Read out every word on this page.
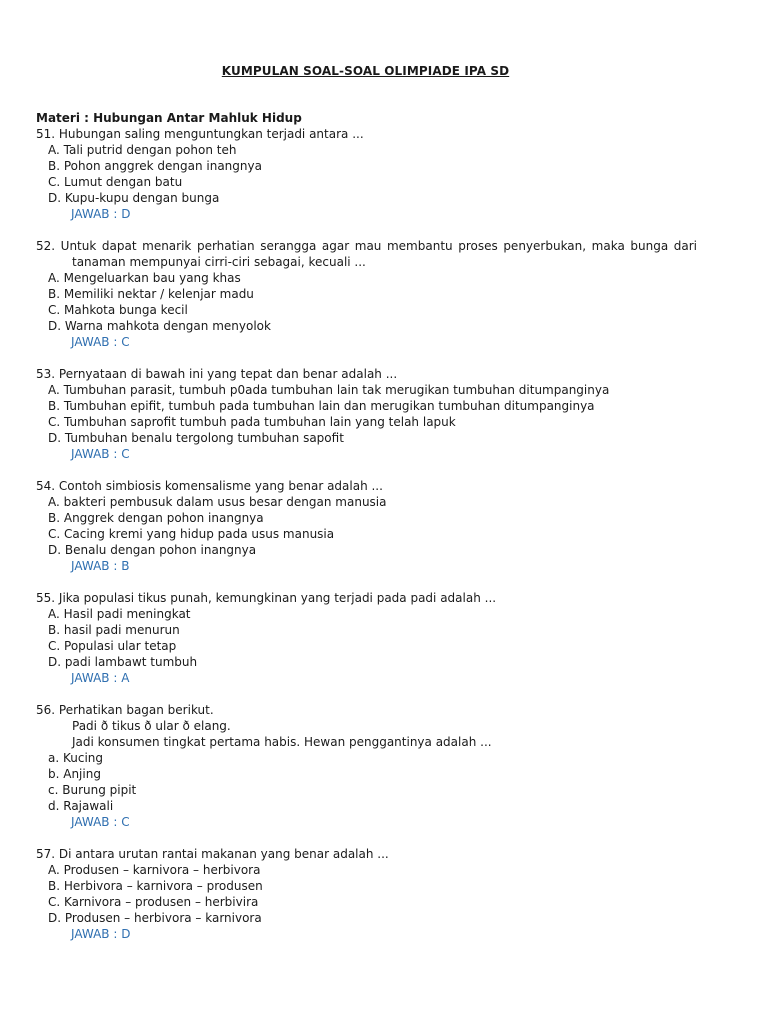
KUMPULAN SOAL-SOAL OLIMPIADE IPA SD
Materi : Hubungan Antar Mahluk Hidup
51. Hubungan saling menguntungkan terjadi antara ...
A. Tali putrid dengan pohon teh
B. Pohon anggrek dengan inangnya
C. Lumut dengan batu
D. Kupu-kupu dengan bunga
JAWAB : D
52. Untuk dapat menarik perhatian serangga agar mau membantu proses penyerbukan, maka bunga dari
tanaman mempunyai cirri-ciri sebagai, kecuali ...
A. Mengeluarkan bau yang khas
B. Memiliki nektar / kelenjar madu
C. Mahkota bunga kecil
D. Warna mahkota dengan menyolok
JAWAB : C
53. Pernyataan di bawah ini yang tepat dan benar adalah ...
A. Tumbuhan parasit, tumbuh p0ada tumbuhan lain tak merugikan tumbuhan ditumpanginya
B. Tumbuhan epifit, tumbuh pada tumbuhan lain dan merugikan tumbuhan ditumpanginya
C. Tumbuhan saprofit tumbuh pada tumbuhan lain yang telah lapuk
D. Tumbuhan benalu tergolong tumbuhan sapofit
JAWAB : C
54. Contoh simbiosis komensalisme yang benar adalah ...
A. bakteri pembusuk dalam usus besar dengan manusia
B. Anggrek dengan pohon inangnya
C. Cacing kremi yang hidup pada usus manusia
D. Benalu dengan pohon inangnya
JAWAB : B
55. Jika populasi tikus punah, kemungkinan yang terjadi pada padi adalah ...
A. Hasil padi meningkat
B. hasil padi menurun
C. Populasi ular tetap
D. padi lambawt tumbuh
JAWAB : A
56. Perhatikan bagan berikut.
Padi ð tikus ð ular ð elang.
Jadi konsumen tingkat pertama habis. Hewan penggantinya adalah ...
a. Kucing
b. Anjing
c. Burung pipit
d. Rajawali
JAWAB : C
57. Di antara urutan rantai makanan yang benar adalah ...
A. Produsen – karnivora – herbivora
B. Herbivora – karnivora – produsen
C. Karnivora – produsen – herbivira
D. Produsen – herbivora – karnivora
JAWAB : D
